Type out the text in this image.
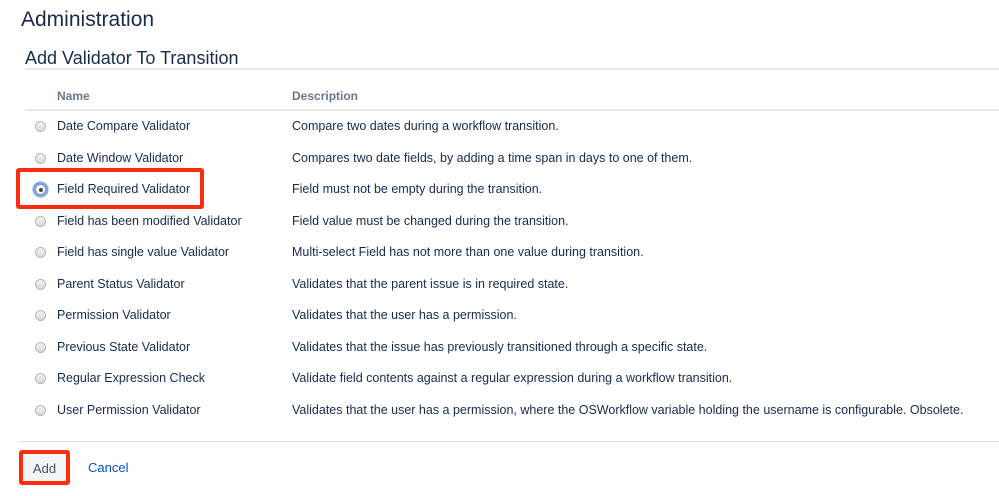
Administration
Add Validator To Transition
Name	Description
Date Compare Validator	Compare two dates during a workflow transition.
Date Window Validator	Compares two date fields, by adding a time span in days to one of them.
Field Required Validator	Field must not be empty during the transition.
Field has been modified Validator	Field value must be changed during the transition.
Field has single value Validator	Multi-select Field has not more than one value during transition.
Parent Status Validator	Validates that the parent issue is in required state.
Permission Validator	Validates that the user has a permission.
Previous State Validator	Validates that the issue has previously transitioned through a specific state.
Regular Expression Check	Validate field contents against a regular expression during a workflow transition.
User Permission Validator	Validates that the user has a permission, where the OSWorkflow variable holding the username is configurable. Obsolete.
Add	Cancel
